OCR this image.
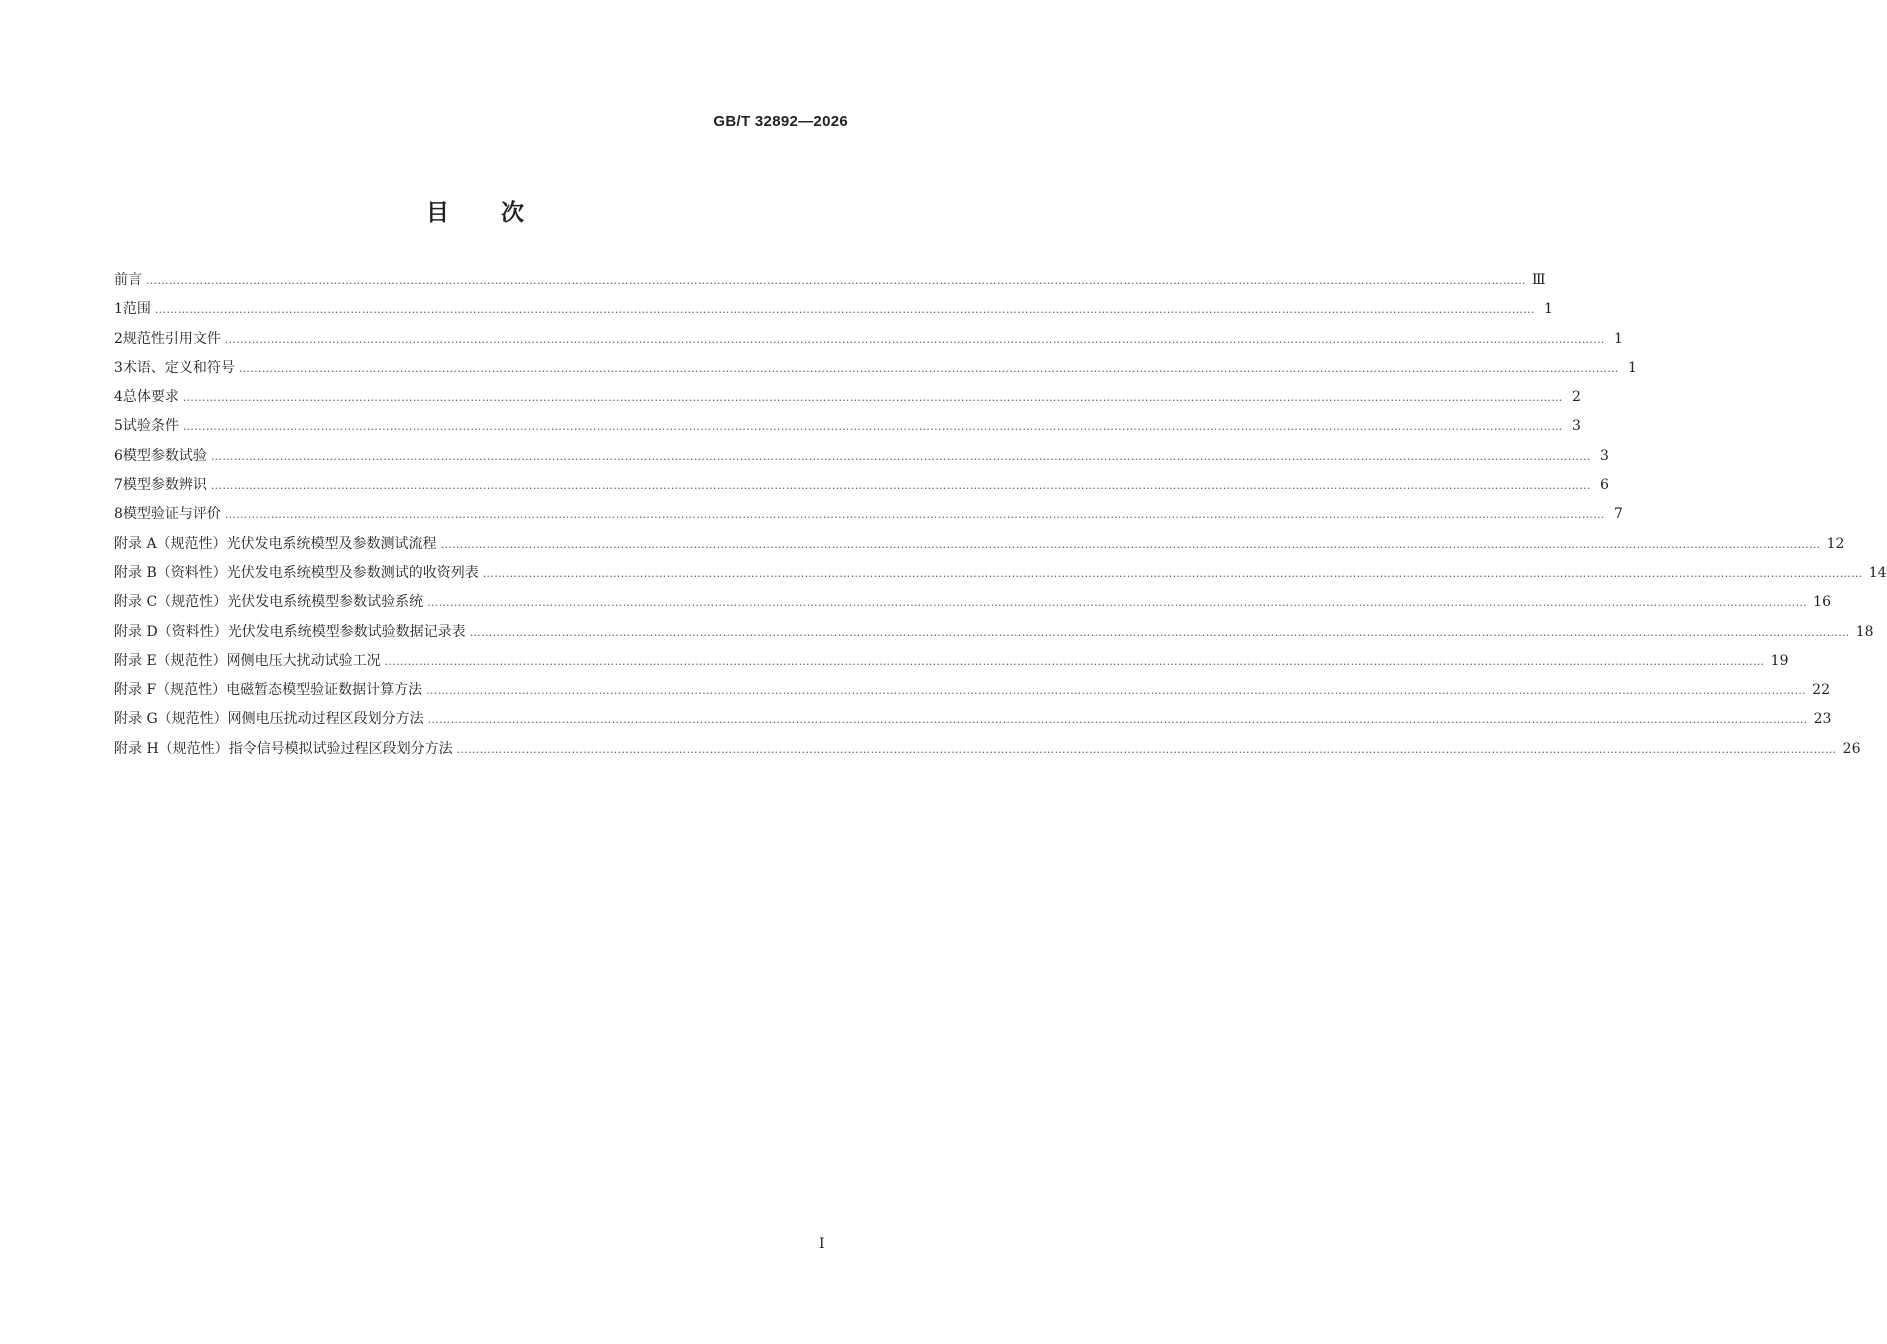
GB/T 32892—2026
目 次
前言 ……………………………………………………………………………………………………………………………………………………………………………………………………………………………………………………………………………………………………………………………… Ⅲ
1 范围 ……………………………………………………………………………………………………………………………………………………………………………………………………………………………………………………………………………………………………………………………… 1
2 规范性引用文件 ……………………………………………………………………………………………………………………………………………………………………………………………………………………………………………………………………………………………………………………………… 1
3 术语、定义和符号 ……………………………………………………………………………………………………………………………………………………………………………………………………………………………………………………………………………………………………………………………… 1
4 总体要求 ……………………………………………………………………………………………………………………………………………………………………………………………………………………………………………………………………………………………………………………………… 2
5 试验条件 ……………………………………………………………………………………………………………………………………………………………………………………………………………………………………………………………………………………………………………………………… 3
6 模型参数试验 ……………………………………………………………………………………………………………………………………………………………………………………………………………………………………………………………………………………………………………………………… 3
7 模型参数辨识 ……………………………………………………………………………………………………………………………………………………………………………………………………………………………………………………………………………………………………………………………… 6
8 模型验证与评价 ……………………………………………………………………………………………………………………………………………………………………………………………………………………………………………………………………………………………………………………………… 7
附录 A（规范性） 光伏发电系统模型及参数测试流程 ……………………………………………………………………………………………………………………………………………………………………………………………………………………………………………………………………………………………………………………………… 12
附录 B（资料性） 光伏发电系统模型及参数测试的收资列表 ……………………………………………………………………………………………………………………………………………………………………………………………………………………………………………………………………………………………………………………………… 14
附录 C（规范性） 光伏发电系统模型参数试验系统 ……………………………………………………………………………………………………………………………………………………………………………………………………………………………………………………………………………………………………………………………… 16
附录 D（资料性） 光伏发电系统模型参数试验数据记录表 ……………………………………………………………………………………………………………………………………………………………………………………………………………………………………………………………………………………………………………………………… 18
附录 E（规范性） 网侧电压大扰动试验工况 ……………………………………………………………………………………………………………………………………………………………………………………………………………………………………………………………………………………………………………………………… 19
附录 F（规范性） 电磁暂态模型验证数据计算方法 ……………………………………………………………………………………………………………………………………………………………………………………………………………………………………………………………………………………………………………………………… 22
附录 G（规范性） 网侧电压扰动过程区段划分方法 ……………………………………………………………………………………………………………………………………………………………………………………………………………………………………………………………………………………………………………………………… 23
附录 H（规范性） 指令信号模拟试验过程区段划分方法 ……………………………………………………………………………………………………………………………………………………………………………………………………………………………………………………………………………………………………………………………… 26
Ⅰ
